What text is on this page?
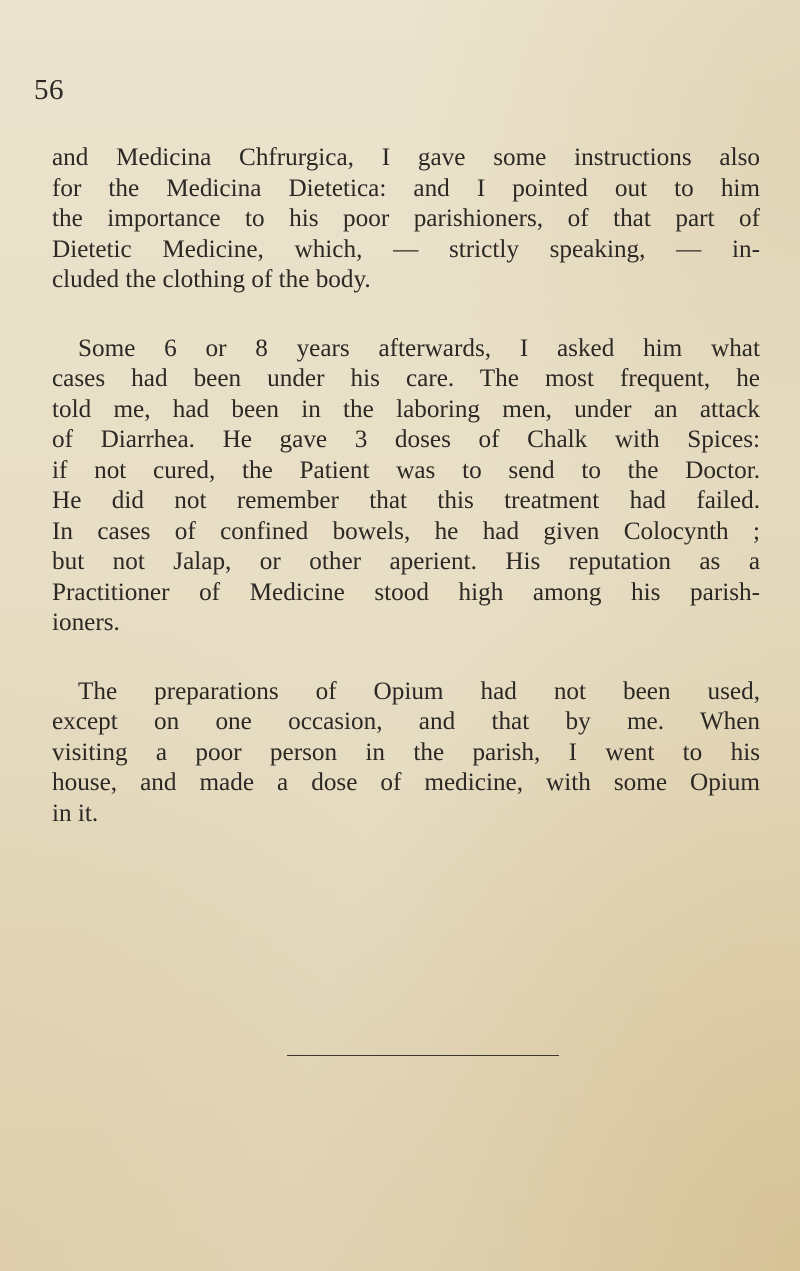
56

and Medicina Chfrurgica, I gave some instructions also
for the Medicina Dietetica: and I pointed out to him
the importance to his poor parishioners, of that part of
Dietetic Medicine, which, — strictly speaking, — in-
cluded the clothing of the body.

Some 6 or 8 years afterwards, I asked him what
cases had been under his care. The most frequent, he
told me, had been in the laboring men, under an attack
of Diarrhea. He gave 3 doses of Chalk with Spices:
if not cured, the Patient was to send to the Doctor.
He did not remember that this treatment had failed.
In cases of confined bowels, he had given Colocynth ;
but not Jalap, or other aperient. His reputation as a
Practitioner of Medicine stood high among his parish-
ioners.

The preparations of Opium had not been used,
except on one occasion, and that by me. When
visiting a poor person in the parish, I went to his
house, and made a dose of medicine, with some Opium
in it.
